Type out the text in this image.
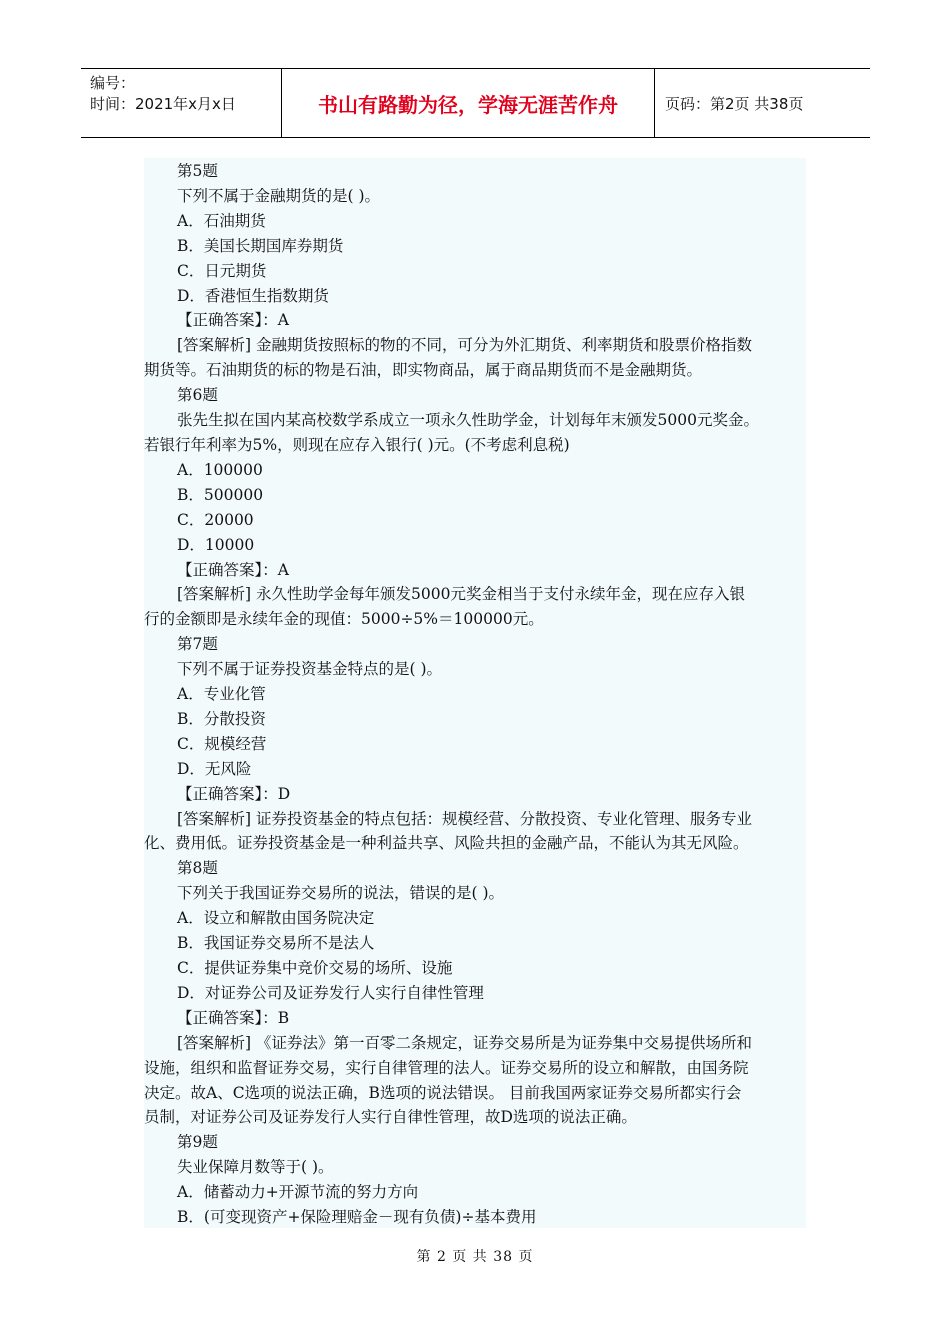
编号：
时间：2021年x月x日	书山有路勤为径，学海无涯苦作舟	页码：第2页 共38页
第5题
下列不属于金融期货的是( )。
A．石油期货
B．美国长期国库券期货
C．日元期货
D．香港恒生指数期货
【正确答案】：A
[答案解析] 金融期货按照标的物的不同，可分为外汇期货、利率期货和股票价格指数
期货等。石油期货的标的物是石油，即实物商品，属于商品期货而不是金融期货。
第6题
张先生拟在国内某高校数学系成立一项永久性助学金，计划每年末颁发5000元奖金。
若银行年利率为5%，则现在应存入银行( )元。(不考虑利息税)
A．100000
B．500000
C．20000
D．10000
【正确答案】：A
[答案解析] 永久性助学金每年颁发5000元奖金相当于支付永续年金，现在应存入银
行的金额即是永续年金的现值：5000÷5%＝100000元。
第7题
下列不属于证券投资基金特点的是( )。
A．专业化管
B．分散投资
C．规模经营
D．无风险
【正确答案】：D
[答案解析] 证券投资基金的特点包括：规模经营、分散投资、专业化管理、服务专业
化、费用低。证券投资基金是一种利益共享、风险共担的金融产品，不能认为其无风险。
第8题
下列关于我国证券交易所的说法，错误的是( )。
A．设立和解散由国务院决定
B．我国证券交易所不是法人
C．提供证券集中竞价交易的场所、设施
D．对证券公司及证券发行人实行自律性管理
【正确答案】：B
[答案解析] 《证券法》第一百零二条规定，证券交易所是为证券集中交易提供场所和
设施，组织和监督证券交易，实行自律管理的法人。证券交易所的设立和解散，由国务院
决定。故A、C选项的说法正确，B选项的说法错误。 目前我国两家证券交易所都实行会
员制，对证券公司及证券发行人实行自律性管理，故D选项的说法正确。
第9题
失业保障月数等于( )。
A．储蓄动力+开源节流的努力方向
B．(可变现资产+保险理赔金－现有负债)÷基本费用
第 2 页 共 38 页
